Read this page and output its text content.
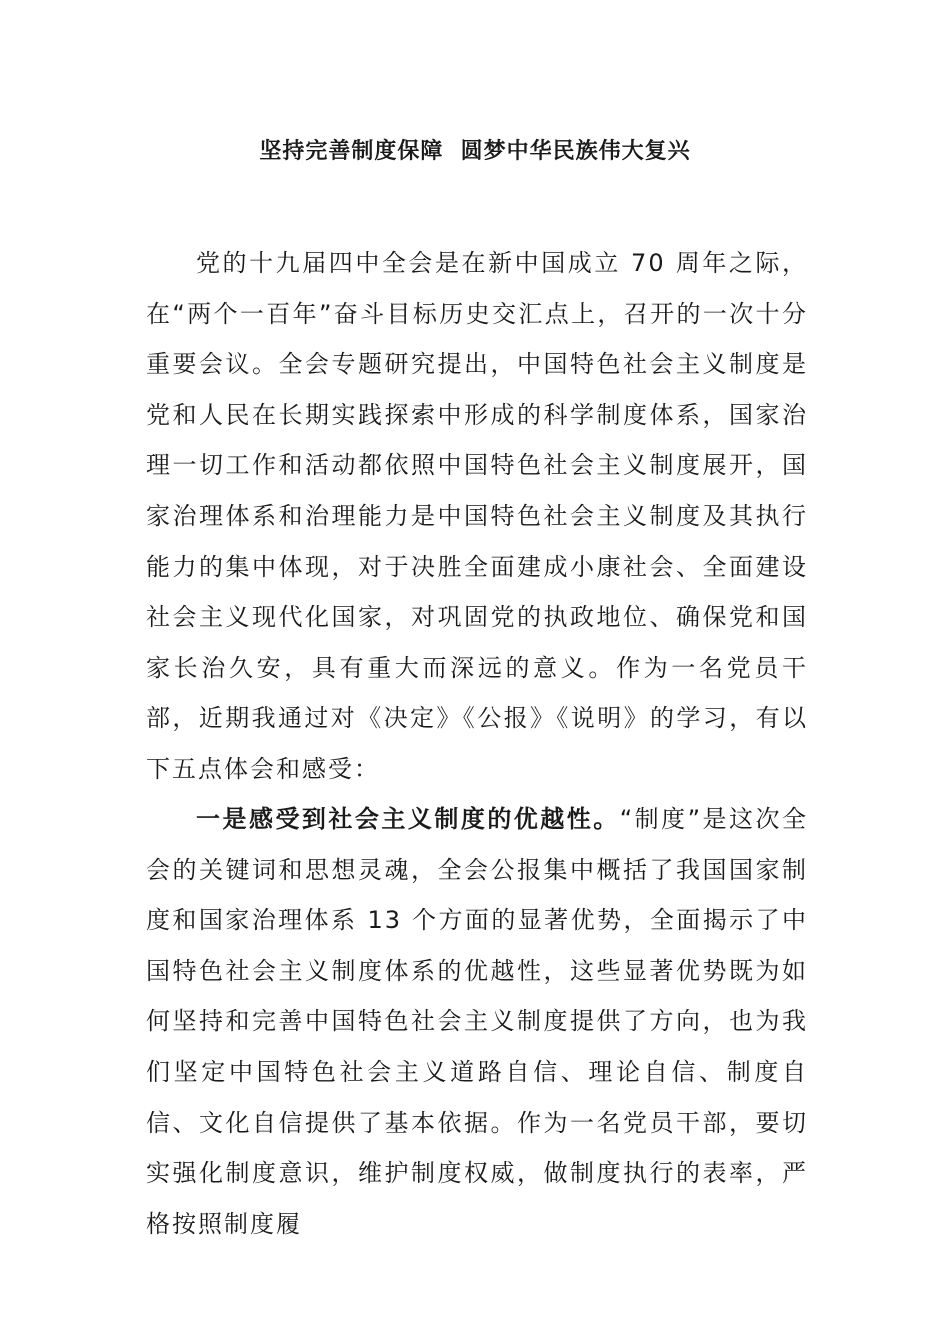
坚持完善制度保障  圆梦中华民族伟大复兴

党的十九届四中全会是在新中国成立 70 周年之际，在“两个一百年”奋斗目标历史交汇点上，召开的一次十分重要会议。全会专题研究提出，中国特色社会主义制度是党和人民在长期实践探索中形成的科学制度体系，国家治理一切工作和活动都依照中国特色社会主义制度展开，国家治理体系和治理能力是中国特色社会主义制度及其执行能力的集中体现，对于决胜全面建成小康社会、全面建设社会主义现代化国家，对巩固党的执政地位、确保党和国家长治久安，具有重大而深远的意义。作为一名党员干部，近期我通过对《决定》《公报》《说明》的学习，有以下五点体会和感受：

一是感受到社会主义制度的优越性。“制度”是这次全会的关键词和思想灵魂，全会公报集中概括了我国国家制度和国家治理体系 13 个方面的显著优势，全面揭示了中国特色社会主义制度体系的优越性，这些显著优势既为如何坚持和完善中国特色社会主义制度提供了方向，也为我们坚定中国特色社会主义道路自信、理论自信、制度自信、文化自信提供了基本依据。作为一名党员干部，要切实强化制度意识，维护制度权威，做制度执行的表率，严格按照制度履
